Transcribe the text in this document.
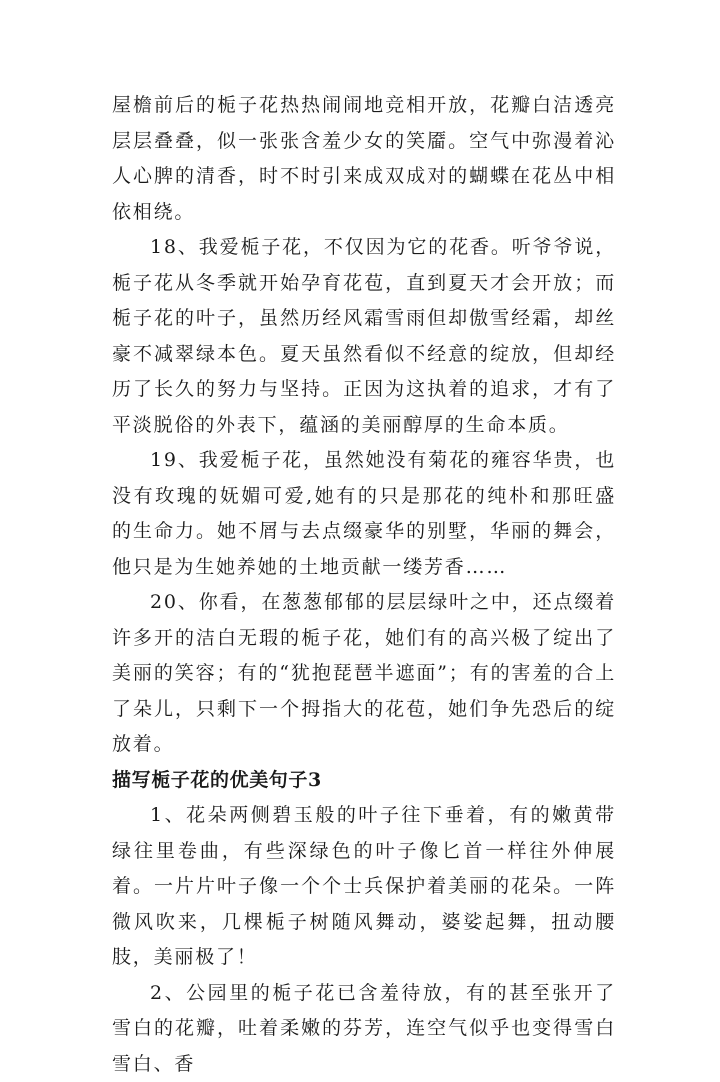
屋檐前后的栀子花热热闹闹地竞相开放，花瓣白洁透亮层层叠叠，似一张张含羞少女的笑靥。空气中弥漫着沁人心脾的清香，时不时引来成双成对的蝴蝶在花丛中相依相绕。

18、我爱栀子花，不仅因为它的花香。听爷爷说，栀子花从冬季就开始孕育花苞，直到夏天才会开放；而栀子花的叶子，虽然历经风霜雪雨但却傲雪经霜，却丝豪不减翠绿本色。夏天虽然看似不经意的绽放，但却经历了长久的努力与坚持。正因为这执着的追求，才有了平淡脱俗的外表下，蕴涵的美丽醇厚的生命本质。

19、我爱栀子花，虽然她没有菊花的雍容华贵，也没有玫瑰的妩媚可爱,她有的只是那花的纯朴和那旺盛的生命力。她不屑与去点缀豪华的别墅，华丽的舞会，他只是为生她养她的土地贡献一缕芳香……

20、你看，在葱葱郁郁的层层绿叶之中，还点缀着许多开的洁白无瑕的栀子花，她们有的高兴极了绽出了美丽的笑容；有的“犹抱琵琶半遮面”；有的害羞的合上了朵儿，只剩下一个拇指大的花苞，她们争先恐后的绽放着。

描写栀子花的优美句子3

1、花朵两侧碧玉般的叶子往下垂着，有的嫩黄带绿往里卷曲，有些深绿色的叶子像匕首一样往外伸展着。一片片叶子像一个个士兵保护着美丽的花朵。一阵微风吹来，几棵栀子树随风舞动，婆娑起舞，扭动腰肢，美丽极了！

2、公园里的栀子花已含羞待放，有的甚至张开了雪白的花瓣，吐着柔嫩的芬芳，连空气似乎也变得雪白雪白、香
